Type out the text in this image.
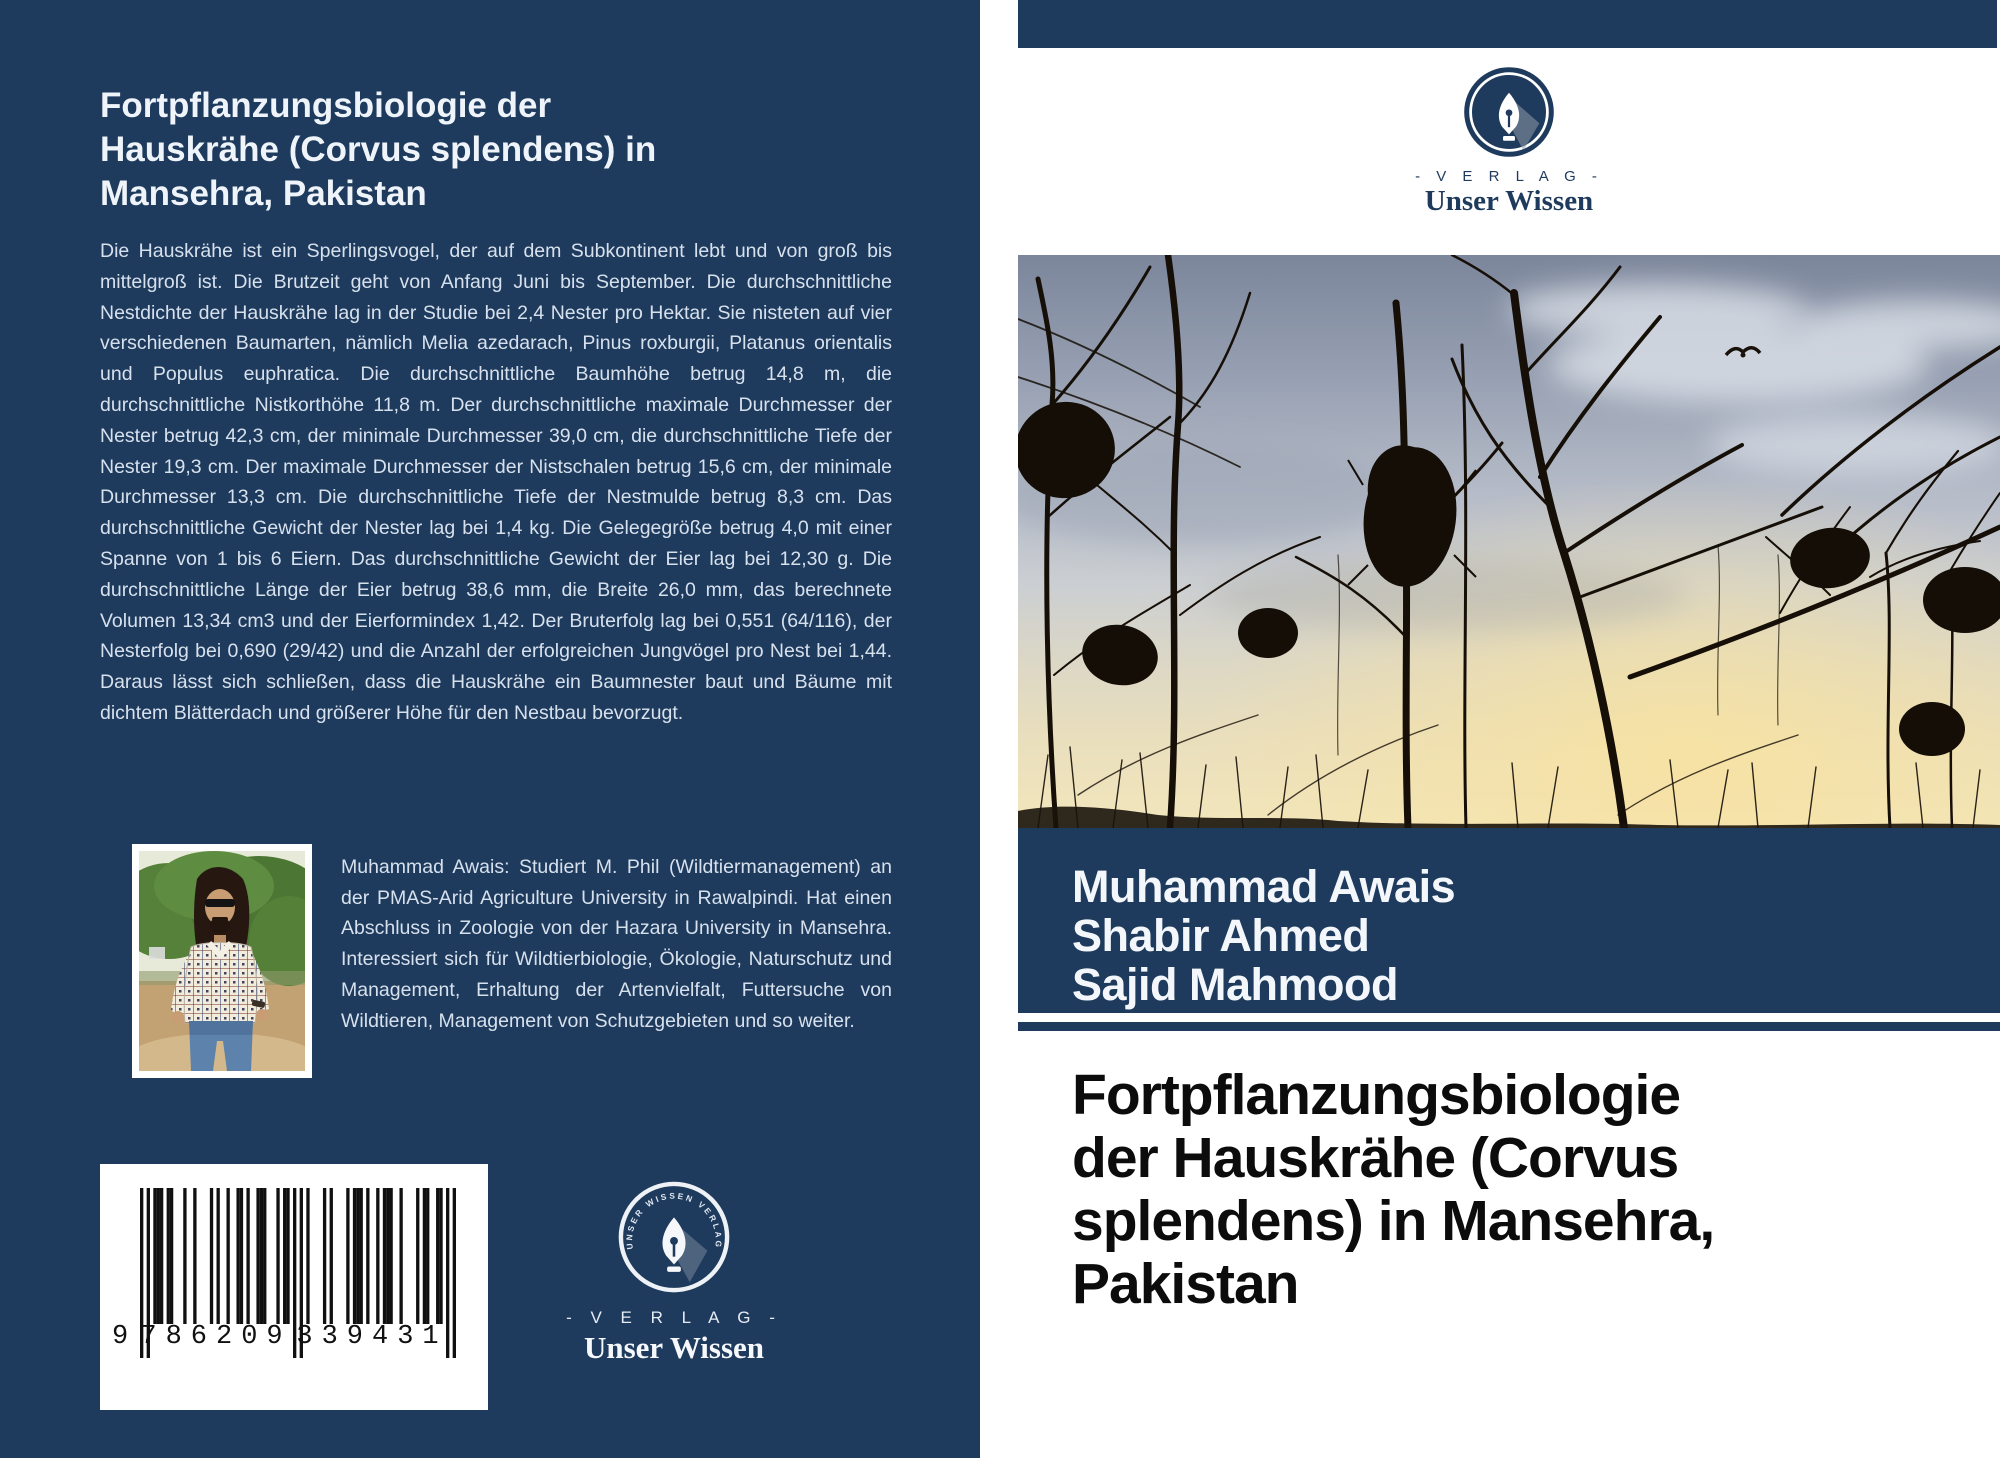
Fortpflanzungsbiologie der
Hauskrähe (Corvus splendens) in
Mansehra, Pakistan

Die Hauskrähe ist ein Sperlingsvogel, der auf dem Subkontinent lebt und von groß bis mittelgroß ist. Die Brutzeit geht von Anfang Juni bis September. Die durchschnittliche Nestdichte der Hauskrähe lag in der Studie bei 2,4 Nester pro Hektar. Sie nisteten auf vier verschiedenen Baumarten, nämlich Melia azedarach, Pinus roxburgii, Platanus orientalis und Populus euphratica. Die durchschnittliche Baumhöhe betrug 14,8 m, die durchschnittliche Nistkorthöhe 11,8 m. Der durchschnittliche maximale Durchmesser der Nester betrug 42,3 cm, der minimale Durchmesser 39,0 cm, die durchschnittliche Tiefe der Nester 19,3 cm. Der maximale Durchmesser der Nistschalen betrug 15,6 cm, der minimale Durchmesser 13,3 cm. Die durchschnittliche Tiefe der Nestmulde betrug 8,3 cm. Das durchschnittliche Gewicht der Nester lag bei 1,4 kg. Die Gelegegröße betrug 4,0 mit einer Spanne von 1 bis 6 Eiern. Das durchschnittliche Gewicht der Eier lag bei 12,30 g. Die durchschnittliche Länge der Eier betrug 38,6 mm, die Breite 26,0 mm, das berechnete Volumen 13,34 cm3 und der Eierformindex 1,42. Der Bruterfolg lag bei 0,551 (64/116), der Nesterfolg bei 0,690 (29/42) und die Anzahl der erfolgreichen Jungvögel pro Nest bei 1,44. Daraus lässt sich schließen, dass die Hauskrähe ein Baumnester baut und Bäume mit dichtem Blätterdach und größerer Höhe für den Nestbau bevorzugt.

Muhammad Awais: Studiert M. Phil (Wildtiermanagement) an der PMAS-Arid Agriculture University in Rawalpindi. Hat einen Abschluss in Zoologie von der Hazara University in Mansehra. Interessiert sich für Wildtierbiologie, Ökologie, Naturschutz und Management, Erhaltung der Artenvielfalt, Futtersuche von Wildtieren, Management von Schutzgebieten und so weiter.

9 786209 339431
UNSER WISSEN VERLAG
- V E R L A G -
Unser Wissen
- V E R L A G -
Unser Wissen
Muhammad Awais
Shabir Ahmed
Sajid Mahmood
Fortpflanzungsbiologie
der Hauskrähe (Corvus
splendens) in Mansehra,
Pakistan
